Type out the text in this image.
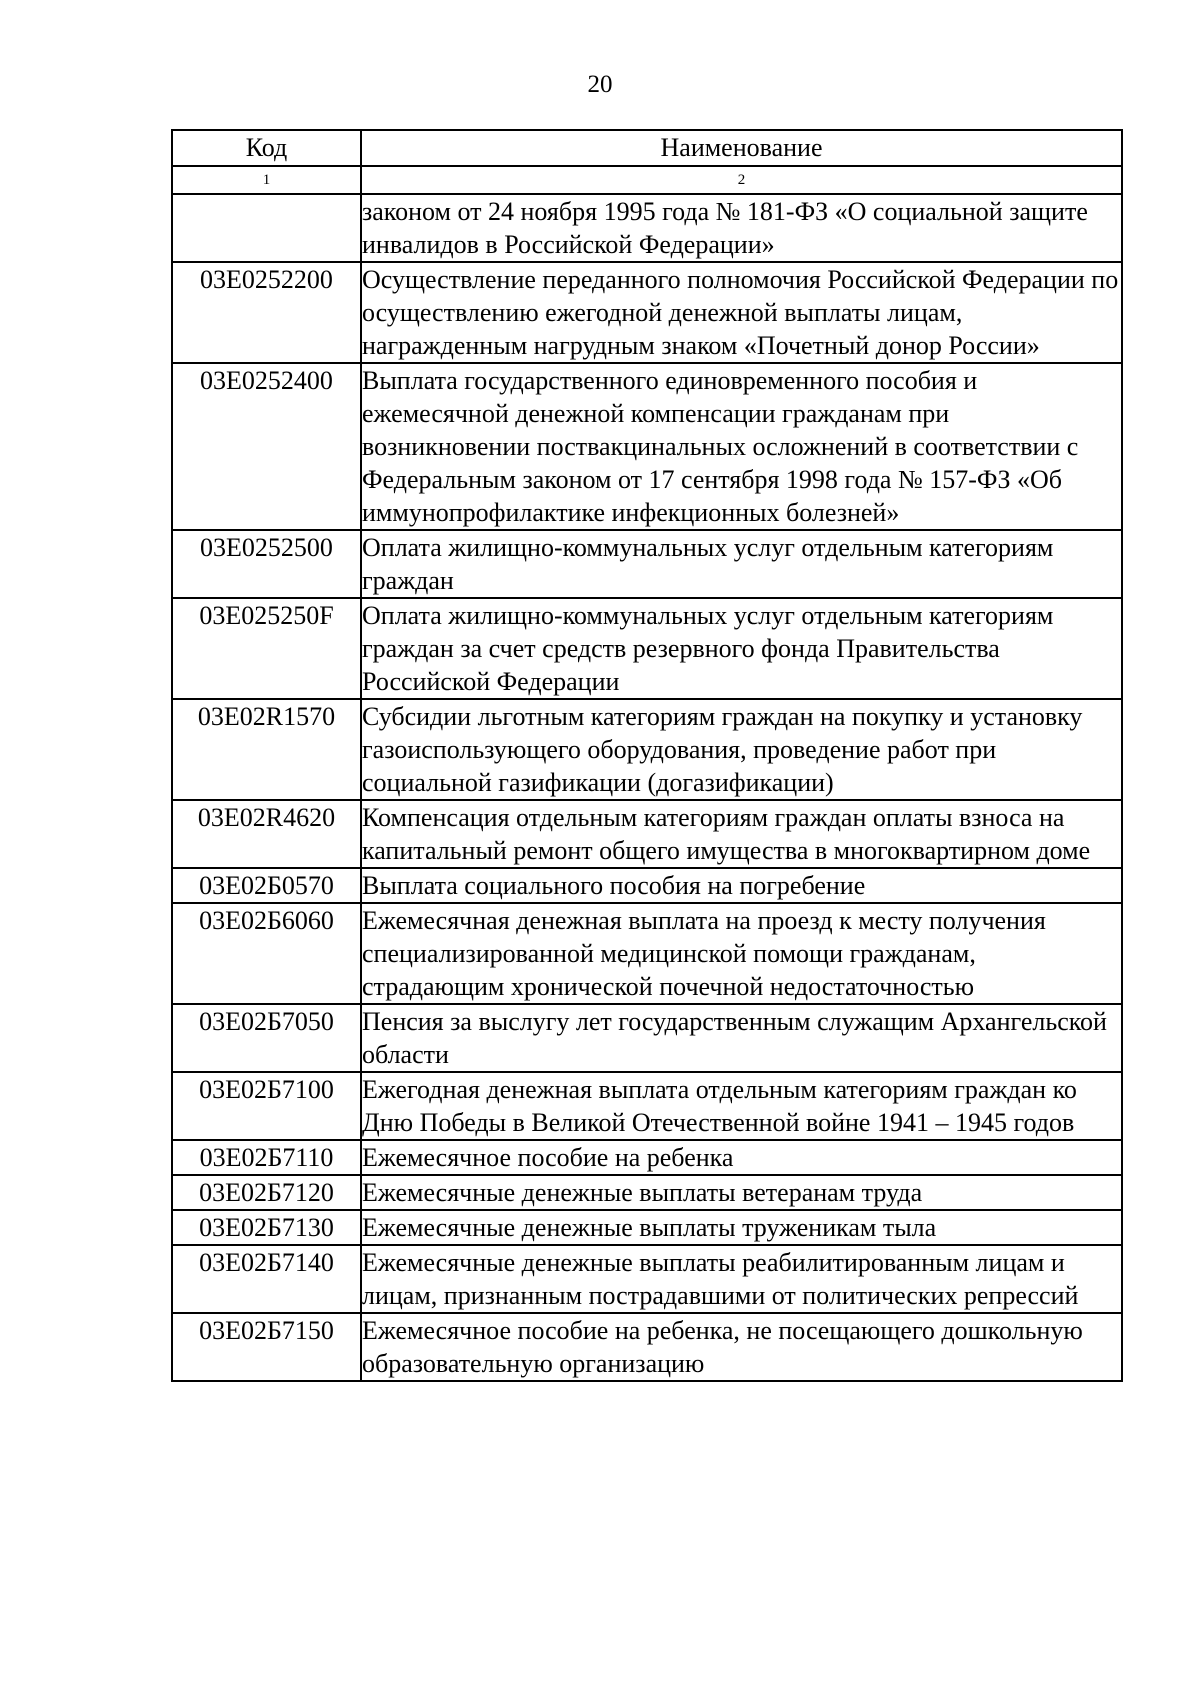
20
Код	Наименование
1	2
	законом от 24 ноября 1995 года № 181-ФЗ «О социальной защите инвалидов в Российской Федерации»
03Е0252200	Осуществление переданного полномочия Российской Федерации по осуществлению ежегодной денежной выплаты лицам, награжденным нагрудным знаком «Почетный донор России»
03Е0252400	Выплата государственного единовременного пособия и ежемесячной денежной компенсации гражданам при возникновении поствакцинальных осложнений в соответствии с Федеральным законом от 17 сентября 1998 года № 157-ФЗ «Об иммунопрофилактике инфекционных болезней»
03Е0252500	Оплата жилищно-коммунальных услуг отдельным категориям граждан
03Е025250F	Оплата жилищно-коммунальных услуг отдельным категориям граждан за счет средств резервного фонда Правительства Российской Федерации
03Е02R1570	Субсидии льготным категориям граждан на покупку и установку газоиспользующего оборудования, проведение работ при социальной газификации (догазификации)
03Е02R4620	Компенсация отдельным категориям граждан оплаты взноса на капитальный ремонт общего имущества в многоквартирном доме
03Е02Б0570	Выплата социального пособия на погребение
03Е02Б6060	Ежемесячная денежная выплата на проезд к месту получения специализированной медицинской помощи гражданам, страдающим хронической почечной недостаточностью
03Е02Б7050	Пенсия за выслугу лет государственным служащим Архангельской области
03Е02Б7100	Ежегодная денежная выплата отдельным категориям граждан ко Дню Победы в Великой Отечественной войне 1941 – 1945 годов
03Е02Б7110	Ежемесячное пособие на ребенка
03Е02Б7120	Ежемесячные денежные выплаты ветеранам труда
03Е02Б7130	Ежемесячные денежные выплаты труженикам тыла
03Е02Б7140	Ежемесячные денежные выплаты реабилитированным лицам и лицам, признанным пострадавшими от политических репрессий
03Е02Б7150	Ежемесячное пособие на ребенка, не посещающего дошкольную образовательную организацию
